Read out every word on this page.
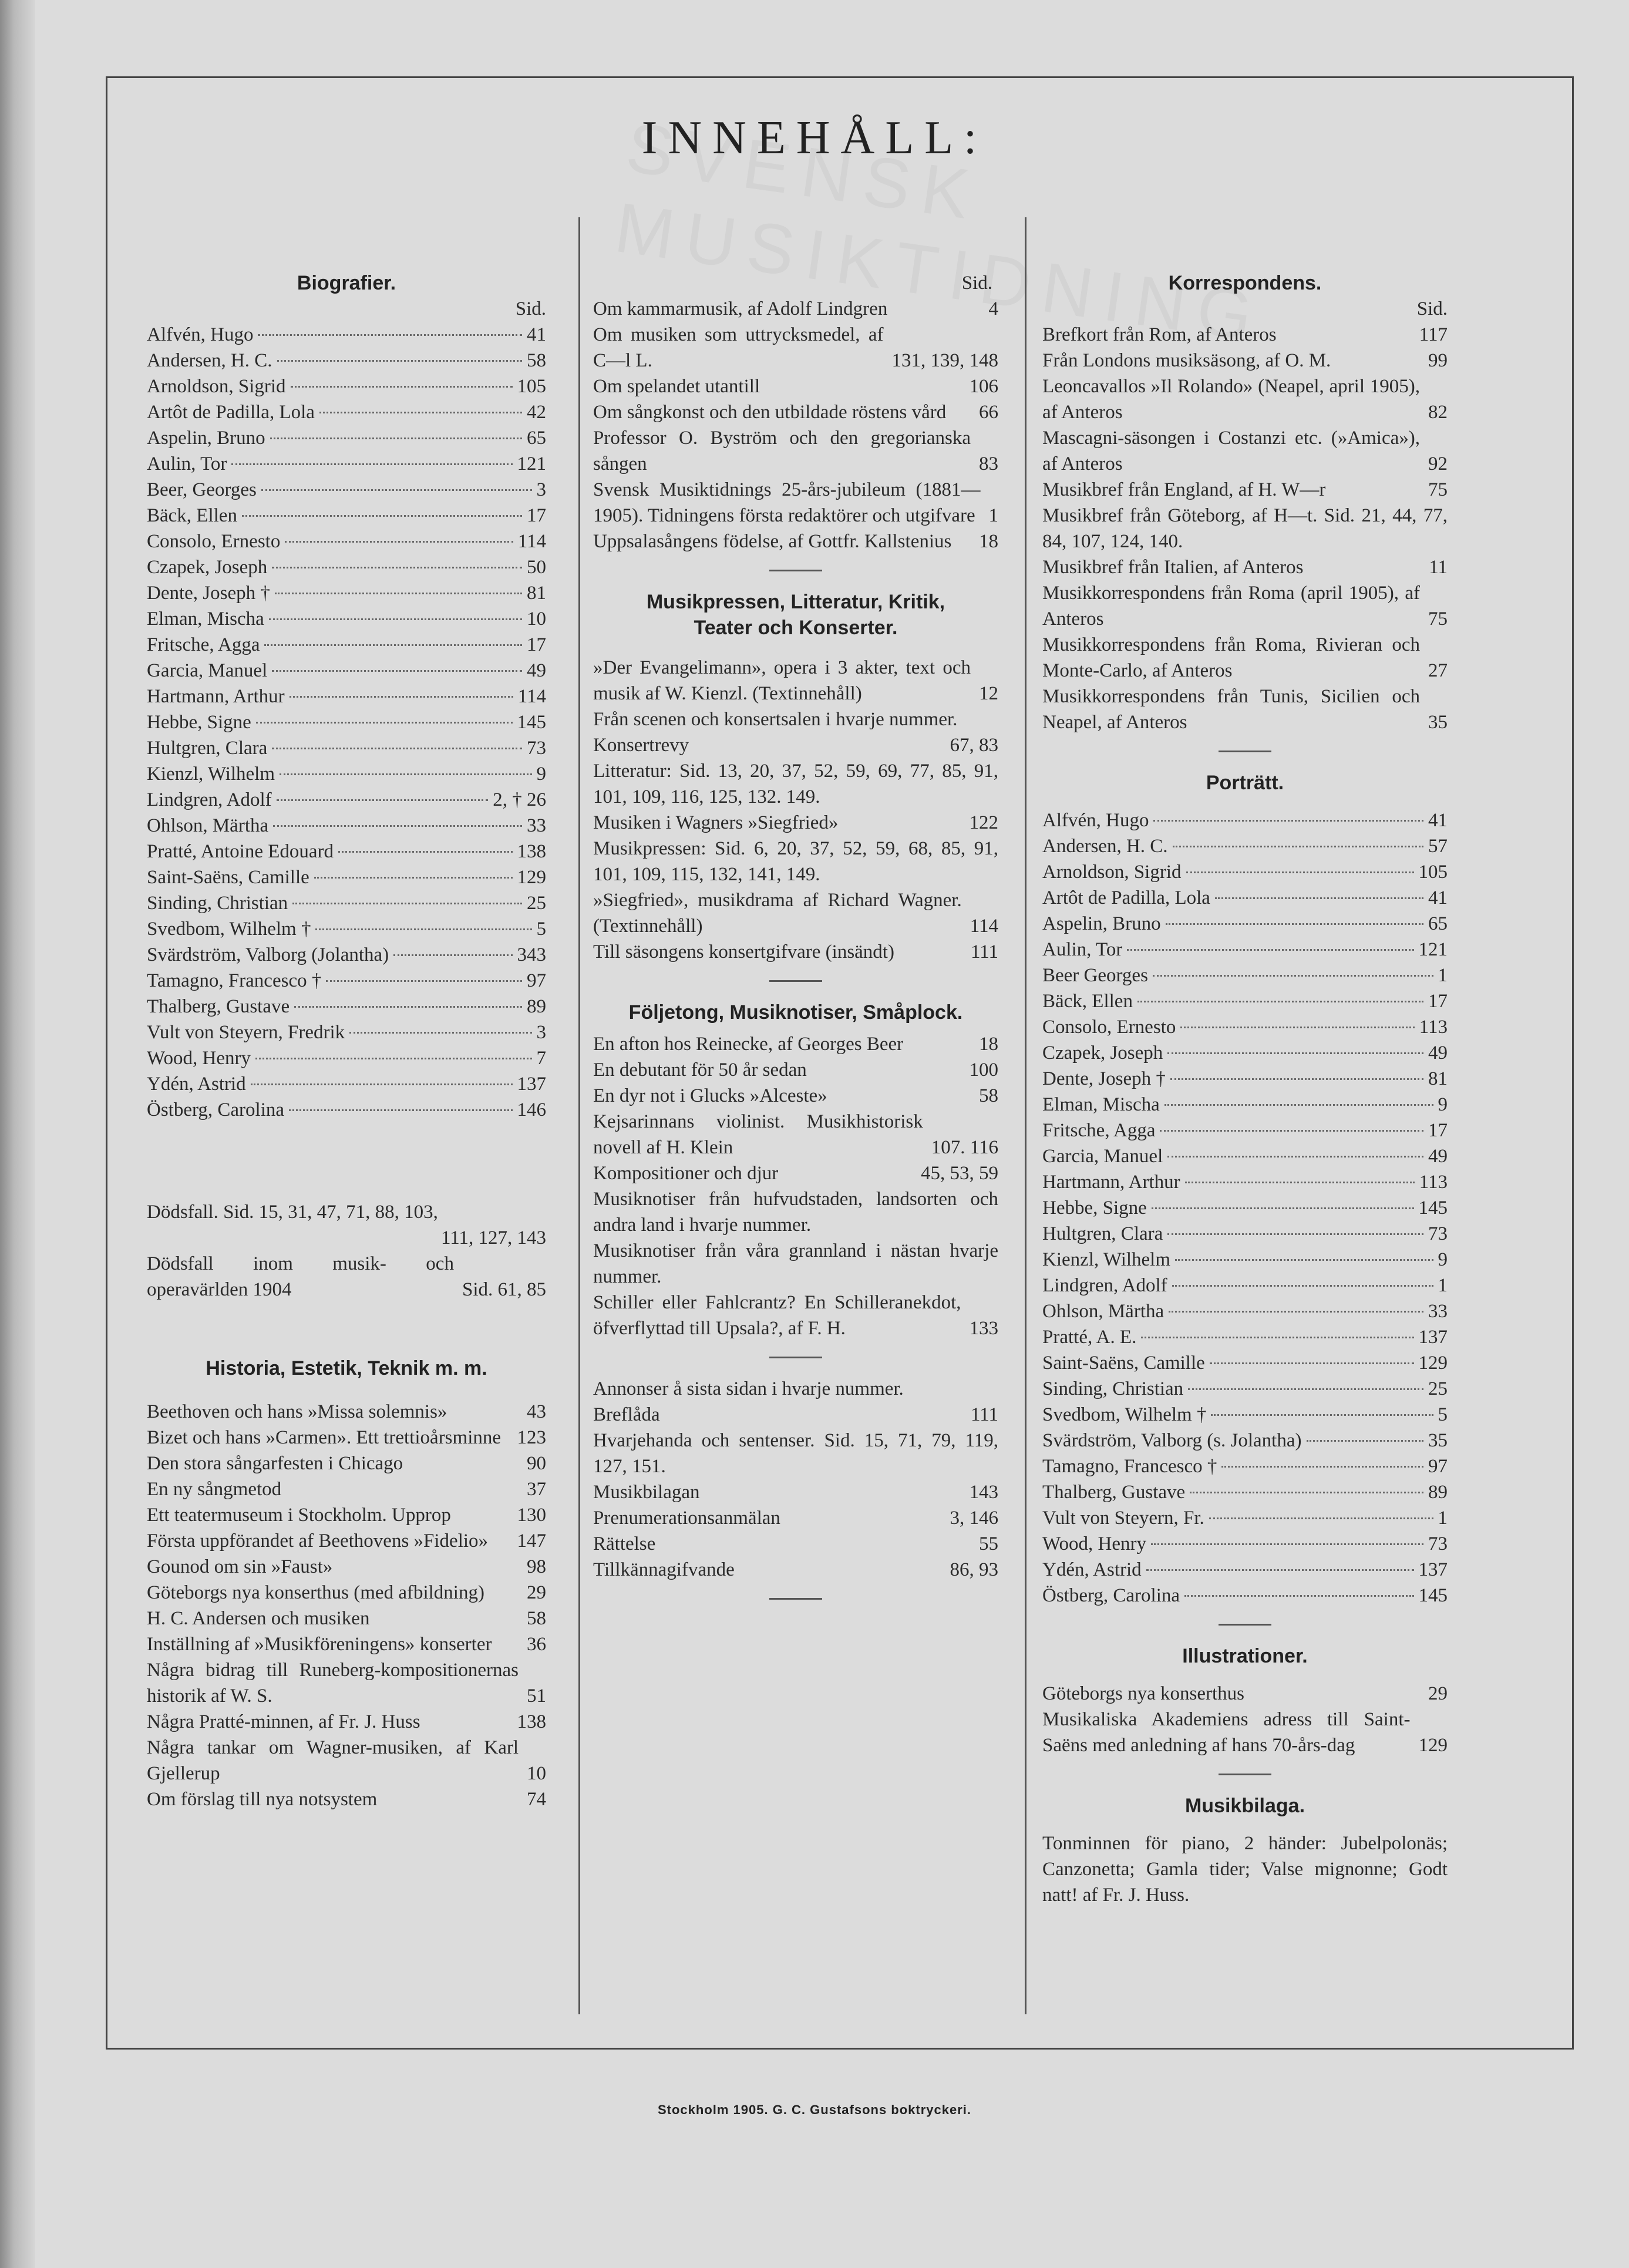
INNEHÅLL:
Biografier.
Sid.
Alfvén, Hugo	41
Andersen, H. C.	58
Arnoldson, Sigrid	105
Artôt de Padilla, Lola	42
Aspelin, Bruno	65
Aulin, Tor	121
Beer, Georges	3
Bäck, Ellen	17
Consolo, Ernesto	114
Czapek, Joseph	50
Dente, Joseph †	81
Elman, Mischa	10
Fritsche, Agga	17
Garcia, Manuel	49
Hartmann, Arthur	114
Hebbe, Signe	145
Hultgren, Clara	73
Kienzl, Wilhelm	9
Lindgren, Adolf	2, † 26
Ohlson, Märtha	33
Pratté, Antoine Edouard	138
Saint-Saëns, Camille	129
Sinding, Christian	25
Svedbom, Wilhelm †	5
Svärdström, Valborg (Jolantha)	343
Tamagno, Francesco †	97
Thalberg, Gustave	89
Vult von Steyern, Fredrik	3
Wood, Henry	7
Ydén, Astrid	137
Östberg, Carolina	146
Dödsfall. Sid. 15, 31, 47, 71, 88, 103,
111, 127, 143
Dödsfall inom musik- och operavärlden 1904	Sid. 61, 85
Historia, Estetik, Teknik m. m.
Beethoven och hans »Missa solemnis»	43
Bizet och hans »Carmen». Ett trettioårsminne 123
Den stora sångarfesten i Chicago	90
En ny sångmetod	37
Ett teatermuseum i Stockholm. Upprop	130
Första uppförandet af Beethovens »Fidelio»	147
Gounod om sin »Faust»	98
Göteborgs nya konserthus (med afbildning)	29
H. C. Andersen och musiken	58
Inställning af »Musikföreningens» konserter	36
Några bidrag till Runeberg-kompositionernas historik af W. S.	51
Några Pratté-minnen, af Fr. J. Huss	138
Några tankar om Wagner-musiken, af Karl Gjellerup	10
Om förslag till nya notsystem	74
Sid.
Om kammarmusik, af Adolf Lindgren	4
Om musiken som uttrycksmedel, af C—l L.	131, 139, 148
Om spelandet utantill	106
Om sångkonst och den utbildade röstens vård	66
Professor O. Byström och den gregorianska sången	83
Svensk Musiktidnings 25-års-jubileum (1881—1905). Tidningens första redaktörer och utgifvare 1
Uppsalasångens födelse, af Gottfr. Kallstenius	18
Musikpressen, Litteratur, Kritik,
Teater och Konserter.
»Der Evangelimann», opera i 3 akter, text och musik af W. Kienzl. (Textinnehåll)	12
Från scenen och konsertsalen i hvarje nummer.
Konsertrevy	67, 83
Litteratur: Sid. 13, 20, 37, 52, 59, 69, 77, 85, 91, 101, 109, 116, 125, 132. 149.
Musiken i Wagners »Siegfried»	122
Musikpressen: Sid. 6, 20, 37, 52, 59, 68, 85, 91, 101, 109, 115, 132, 141, 149.
»Siegfried», musikdrama af Richard Wagner. (Textinnehåll)	114
Till säsongens konsertgifvare (insändt)	111
Följetong, Musiknotiser, Småplock.
En afton hos Reinecke, af Georges Beer	18
En debutant för 50 år sedan	100
En dyr not i Glucks »Alceste»	58
Kejsarinnans violinist. Musikhistorisk novell af H. Klein	107. 116
Kompositioner och djur	45, 53, 59
Musiknotiser från hufvudstaden, landsorten och andra land i hvarje nummer.
Musiknotiser från våra grannland i nästan hvarje nummer.
Schiller eller Fahlcrantz? En Schilleranekdot, öfverflyttad till Upsala?, af F. H.	133
Annonser å sista sidan i hvarje nummer.
Breflåda	111
Hvarjehanda och sentenser. Sid. 15, 71, 79, 119, 127, 151.
Musikbilagan	143
Prenumerationsanmälan	3, 146
Rättelse	55
Tillkännagifvande	86, 93
Korrespondens.
Sid.
Brefkort från Rom, af Anteros	117
Från Londons musiksäsong, af O. M.	99
Leoncavallos »Il Rolando» (Neapel, april 1905), af Anteros	82
Mascagni-säsongen i Costanzi etc. (»Amica»), af Anteros	92
Musikbref från England, af H. W—r	75
Musikbref från Göteborg, af H—t. Sid. 21, 44, 77, 84, 107, 124, 140.
Musikbref från Italien, af Anteros	11
Musikkorrespondens från Roma (april 1905), af Anteros	75
Musikkorrespondens från Roma, Rivieran och Monte-Carlo, af Anteros	27
Musikkorrespondens från Tunis, Sicilien och Neapel, af Anteros	35
Porträtt.
Alfvén, Hugo	41
Andersen, H. C.	57
Arnoldson, Sigrid	105
Artôt de Padilla, Lola	41
Aspelin, Bruno	65
Aulin, Tor	121
Beer Georges	1
Bäck, Ellen	17
Consolo, Ernesto	113
Czapek, Joseph	49
Dente, Joseph †	81
Elman, Mischa	9
Fritsche, Agga	17
Garcia, Manuel	49
Hartmann, Arthur	113
Hebbe, Signe	145
Hultgren, Clara	73
Kienzl, Wilhelm	9
Lindgren, Adolf	1
Ohlson, Märtha	33
Pratté, A. E.	137
Saint-Saëns, Camille	129
Sinding, Christian	25
Svedbom, Wilhelm †	5
Svärdström, Valborg (s. Jolantha)	35
Tamagno, Francesco †	97
Thalberg, Gustave	89
Vult von Steyern, Fr.	1
Wood, Henry	73
Ydén, Astrid	137
Östberg, Carolina	145
Illustrationer.
Göteborgs nya konserthus	29
Musikaliska Akademiens adress till Saint-Saëns med anledning af hans 70-års-dag	129
Musikbilaga.
Tonminnen för piano, 2 händer: Jubelpolonäs; Canzonetta; Gamla tider; Valse mignonne; Godt natt! af Fr. J. Huss.
Stockholm 1905. G. C. Gustafsons boktryckeri.
